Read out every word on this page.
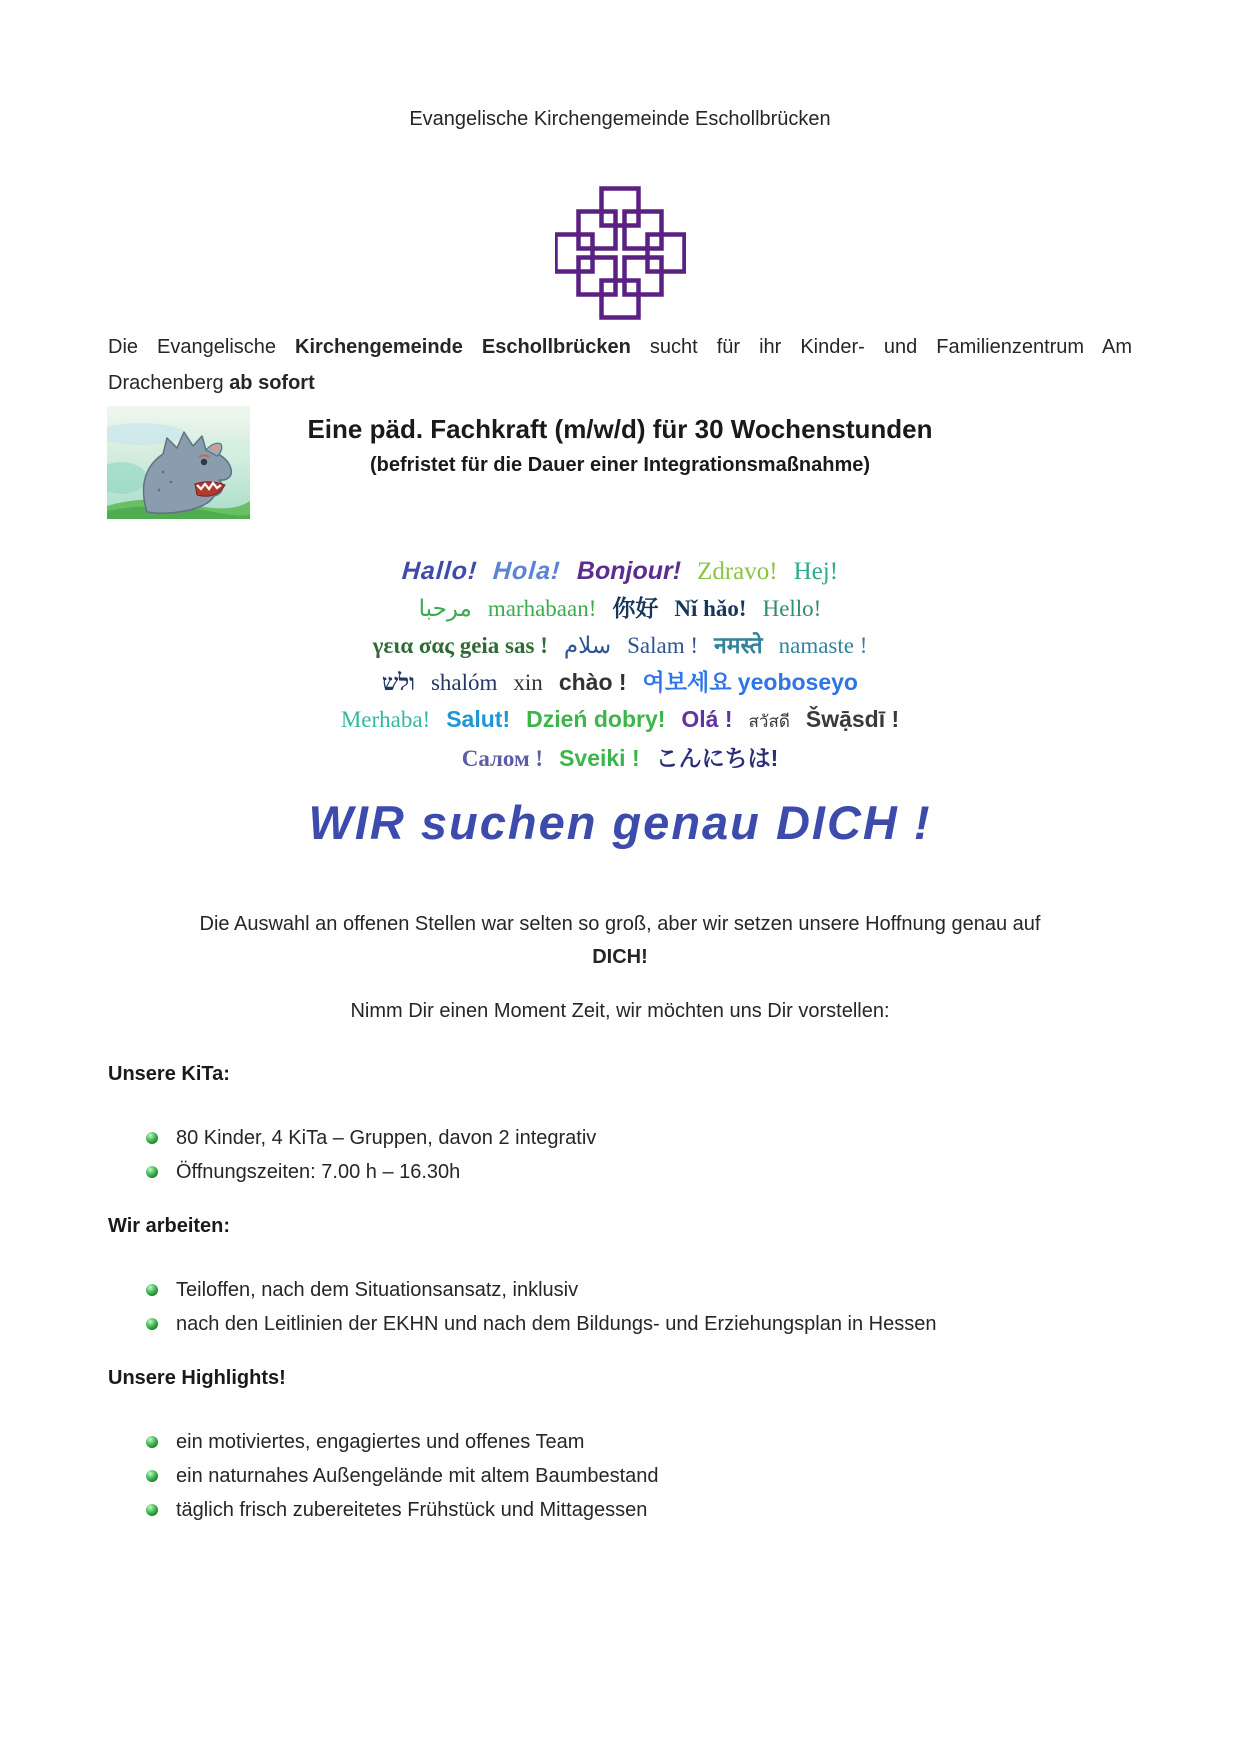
Evangelische Kirchengemeinde Eschollbrücken
Die Evangelische Kirchengemeinde Eschollbrücken sucht für ihr Kinder- und Familienzentrum Am
Drachenberg ab sofort
Eine päd. Fachkraft (m/w/d) für 30 Wochenstunden
(befristet für die Dauer einer Integrationsmaßnahme)
Hallo! Hola! Bonjour! Zdravo! Hej!
مرحبا marhabaan! 你好 Nǐ hǎo! Hello!
γεια σας geia sas ! سلام Salam ! नमस्ते namaste !
שלו shalóm xin chào ! 여보세요 yeoboseyo
Merhaba! Salut! Dzień dobry! Olá ! สวัสดี Šwạ̄sdī !
Салом ! Sveiki ! こんにちは!
WIR suchen genau DICH !
Die Auswahl an offenen Stellen war selten so groß, aber wir setzen unsere Hoffnung genau auf
DICH!
Nimm Dir einen Moment Zeit, wir möchten uns Dir vorstellen:
Unsere KiTa:
80 Kinder, 4 KiTa – Gruppen, davon 2 integrativ
Öffnungszeiten: 7.00 h – 16.30h
Wir arbeiten:
Teiloffen, nach dem Situationsansatz, inklusiv
nach den Leitlinien der EKHN und nach dem Bildungs- und Erziehungsplan in Hessen
Unsere Highlights!
ein motiviertes, engagiertes und offenes Team
ein naturnahes Außengelände mit altem Baumbestand
täglich frisch zubereitetes Frühstück und Mittagessen
